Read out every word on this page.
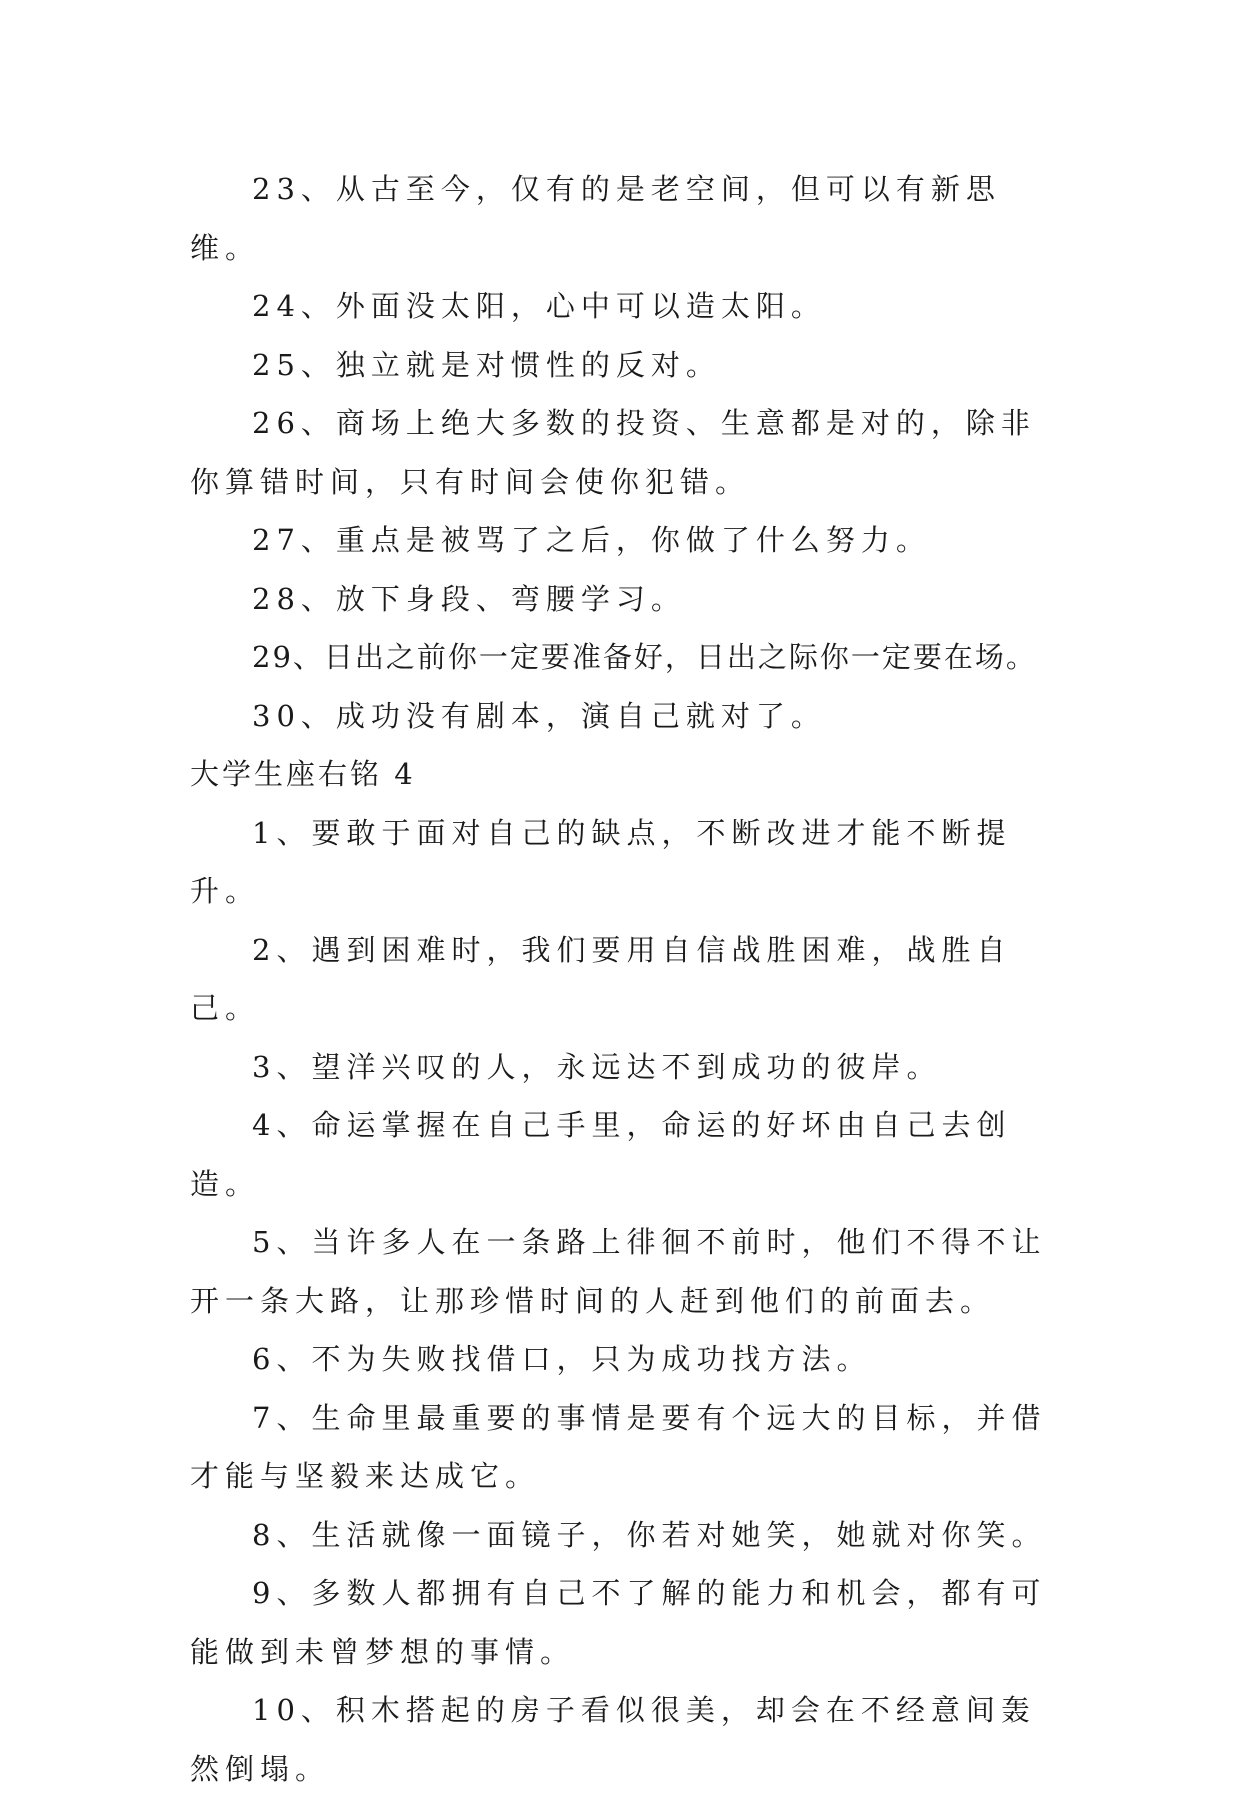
23、从古至今，仅有的是老空间，但可以有新思维。

24、外面没太阳，心中可以造太阳。

25、独立就是对惯性的反对。

26、商场上绝大多数的投资、生意都是对的，除非你算错时间，只有时间会使你犯错。

27、重点是被骂了之后，你做了什么努力。

28、放下身段、弯腰学习。

29、日出之前你一定要准备好，日出之际你一定要在场。

30、成功没有剧本，演自己就对了。

大学生座右铭 4

1、要敢于面对自己的缺点，不断改进才能不断提升。

2、遇到困难时，我们要用自信战胜困难，战胜自己。

3、望洋兴叹的人，永远达不到成功的彼岸。

4、命运掌握在自己手里，命运的好坏由自己去创造。

5、当许多人在一条路上徘徊不前时，他们不得不让开一条大路，让那珍惜时间的人赶到他们的前面去。

6、不为失败找借口，只为成功找方法。

7、生命里最重要的事情是要有个远大的目标，并借才能与坚毅来达成它。

8、生活就像一面镜子，你若对她笑，她就对你笑。

9、多数人都拥有自己不了解的能力和机会，都有可能做到未曾梦想的事情。

10、积木搭起的房子看似很美，却会在不经意间轰然倒塌。
